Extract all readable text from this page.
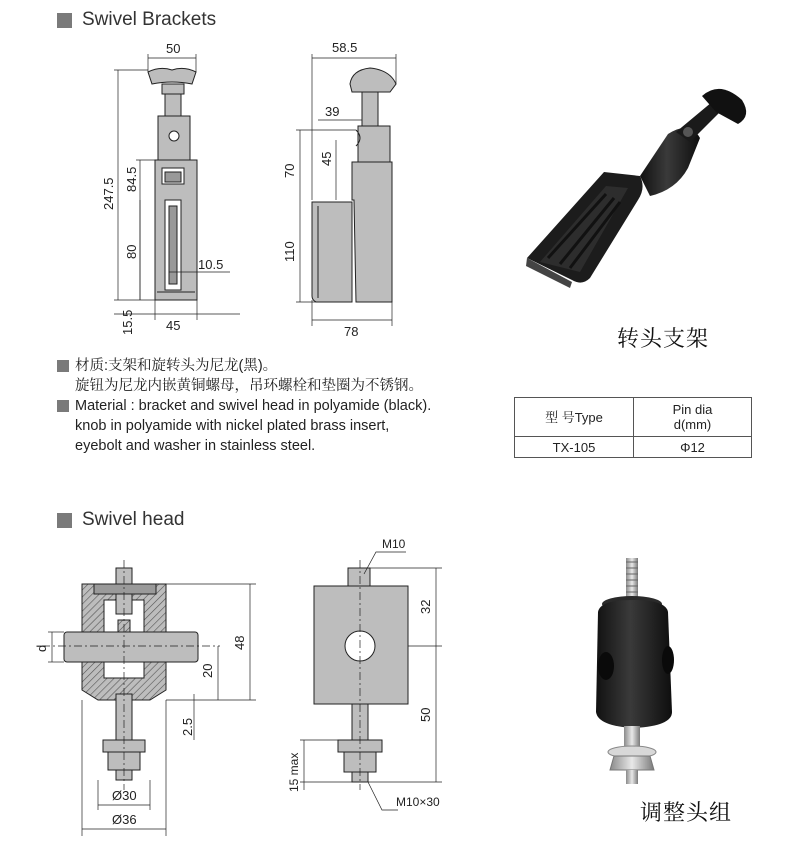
Swivel Brackets
Swivel head
50
247.5 84.5
80
10.5
15.5 45
58.5
39
70
45
110
78
d	48
20
2.5
Ø30
Ø36
M10
32
50
15 max
M10×30
材质:支架和旋转头为尼龙(黑)。
旋钮为尼龙内嵌黄铜螺母，吊环螺栓和垫圈为不锈钢。
Material : bracket and swivel head in polyamide (black).
knob in polyamide with nickel plated brass insert,
eyebolt and washer in stainless steel.
转头支架
调整头组
型 号Type	Pin dia
d(mm)
TX-105	Φ12
